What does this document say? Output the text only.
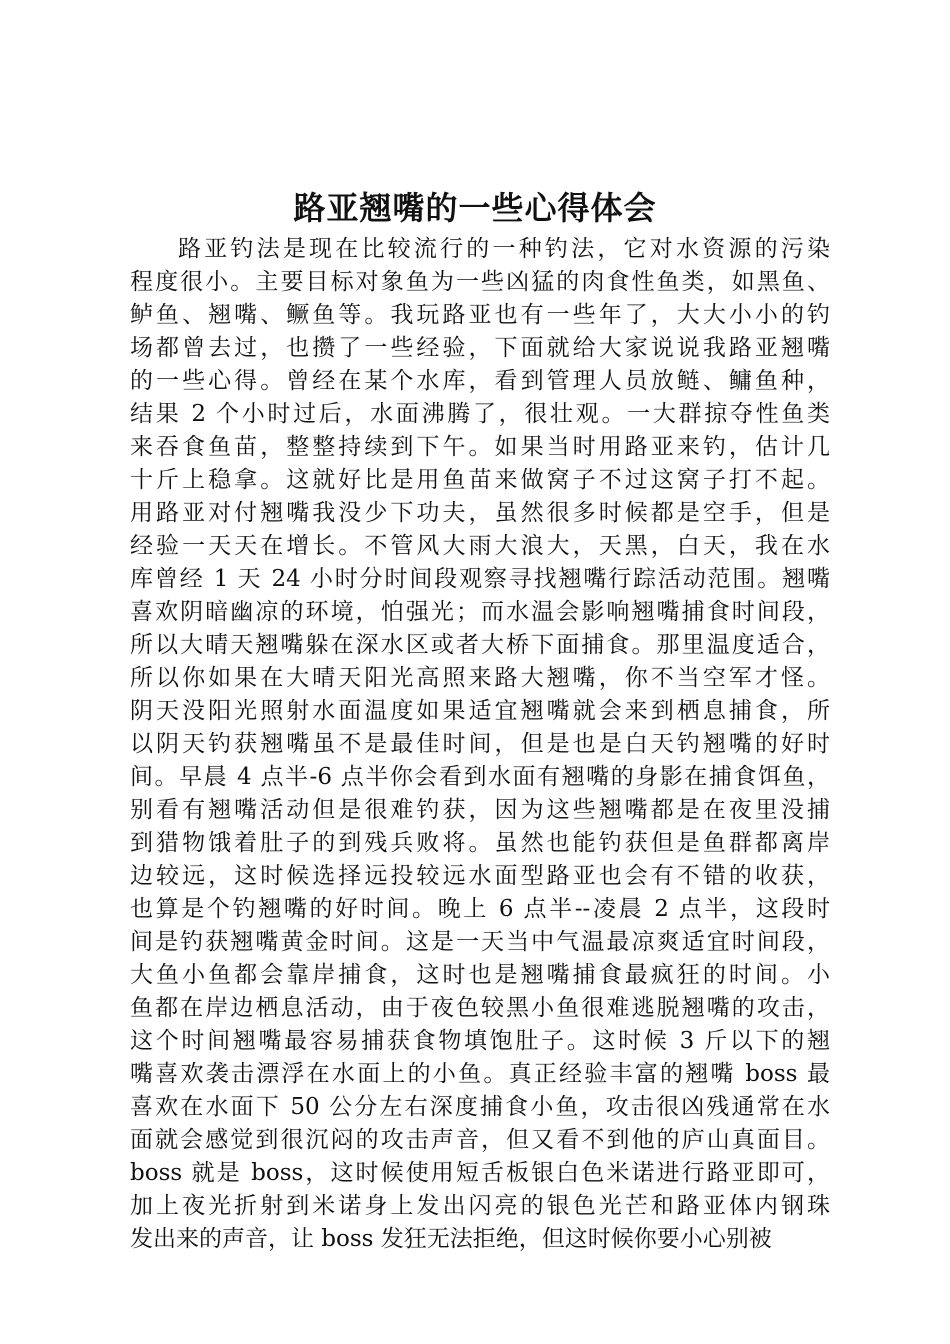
路亚翘嘴的一些心得体会
路亚钓法是现在比较流行的一种钓法，它对水资源的污染
程度很小。主要目标对象鱼为一些凶猛的肉食性鱼类，如黑鱼、
鲈鱼、翘嘴、鳜鱼等。我玩路亚也有一些年了，大大小小的钓
场都曾去过，也攒了一些经验，下面就给大家说说我路亚翘嘴
的一些心得。曾经在某个水库，看到管理人员放鲢、鳙鱼种，
结果 2 个小时过后，水面沸腾了，很壮观。一大群掠夺性鱼类
来吞食鱼苗，整整持续到下午。如果当时用路亚来钓，估计几
十斤上稳拿。这就好比是用鱼苗来做窝子不过这窝子打不起。
用路亚对付翘嘴我没少下功夫，虽然很多时候都是空手，但是
经验一天天在增长。不管风大雨大浪大，天黑，白天，我在水
库曾经 1 天 24 小时分时间段观察寻找翘嘴行踪活动范围。翘嘴
喜欢阴暗幽凉的环境，怕强光；而水温会影响翘嘴捕食时间段，
所以大晴天翘嘴躲在深水区或者大桥下面捕食。那里温度适合，
所以你如果在大晴天阳光高照来路大翘嘴，你不当空军才怪。
阴天没阳光照射水面温度如果适宜翘嘴就会来到栖息捕食，所
以阴天钓获翘嘴虽不是最佳时间，但是也是白天钓翘嘴的好时
间。早晨 4 点半-6 点半你会看到水面有翘嘴的身影在捕食饵鱼，
别看有翘嘴活动但是很难钓获，因为这些翘嘴都是在夜里没捕
到猎物饿着肚子的到残兵败将。虽然也能钓获但是鱼群都离岸
边较远，这时候选择远投较远水面型路亚也会有不错的收获，
也算是个钓翘嘴的好时间。晚上 6 点半--凌晨 2 点半，这段时
间是钓获翘嘴黄金时间。这是一天当中气温最凉爽适宜时间段，
大鱼小鱼都会靠岸捕食，这时也是翘嘴捕食最疯狂的时间。小
鱼都在岸边栖息活动，由于夜色较黑小鱼很难逃脱翘嘴的攻击，
这个时间翘嘴最容易捕获食物填饱肚子。这时候 3 斤以下的翘
嘴喜欢袭击漂浮在水面上的小鱼。真正经验丰富的翘嘴 boss 最
喜欢在水面下 50 公分左右深度捕食小鱼，攻击很凶残通常在水
面就会感觉到很沉闷的攻击声音，但又看不到他的庐山真面目。
boss 就是 boss，这时候使用短舌板银白色米诺进行路亚即可，
加上夜光折射到米诺身上发出闪亮的银色光芒和路亚体内钢珠
发出来的声音，让 boss 发狂无法拒绝，但这时候你要小心别被
